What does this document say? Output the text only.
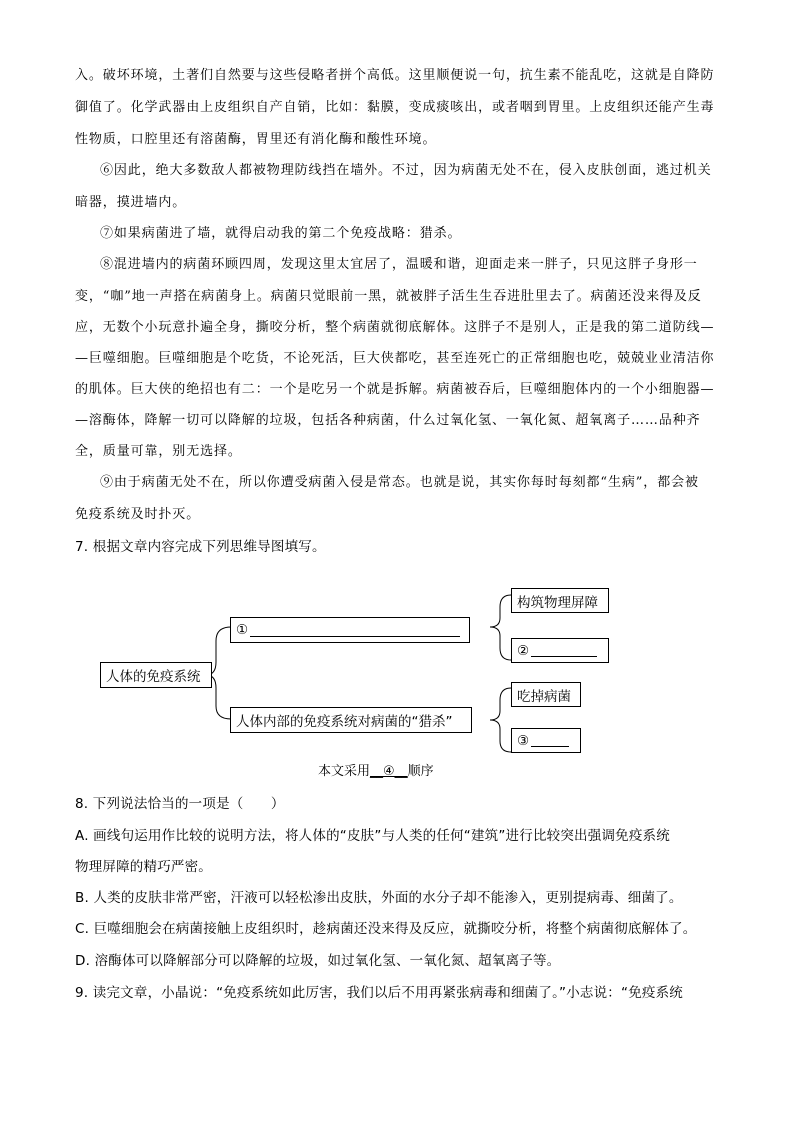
入。破坏环境，土著们自然要与这些侵略者拼个高低。这里顺便说一句，抗生素不能乱吃，这就是自降防
御值了。化学武器由上皮组织自产自销，比如：黏膜，变成痰咳出，或者咽到胃里。上皮组织还能产生毒
性物质，口腔里还有溶菌酶，胃里还有消化酶和酸性环境。
⑥因此，绝大多数敌人都被物理防线挡在墙外。不过，因为病菌无处不在，侵入皮肤创面，逃过机关
暗器，摸进墙内。
⑦如果病菌进了墙，就得启动我的第二个免疫战略：猎杀。
⑧混进墙内的病菌环顾四周，发现这里太宜居了，温暖和谐，迎面走来一胖子，只见这胖子身形一
变，“咖”地一声搭在病菌身上。病菌只觉眼前一黑，就被胖子活生生吞进肚里去了。病菌还没来得及反
应，无数个小玩意扑遍全身，撕咬分析，整个病菌就彻底解体。这胖子不是别人，正是我的第二道防线—
—巨噬细胞。巨噬细胞是个吃货，不论死活，巨大侠都吃，甚至连死亡的正常细胞也吃，兢兢业业清洁你
的肌体。巨大侠的绝招也有二：一个是吃另一个就是拆解。病菌被吞后，巨噬细胞体内的一个小细胞器—
—溶酶体，降解一切可以降解的垃圾，包括各种病菌，什么过氧化氢、一氧化氮、超氧离子……品种齐
全，质量可靠，别无选择。
⑨由于病菌无处不在，所以你遭受病菌入侵是常态。也就是说，其实你每时每刻都“生病”，都会被
免疫系统及时扑灭。
7. 根据文章内容完成下列思维导图填写。
人体的免疫系统
①
人体内部的免疫系统对病菌的“猎杀”
构筑物理屏障
②
吃掉病菌
③
本文采用__④__顺序
8. 下列说法恰当的一项是（　　）
A. 画线句运用作比较的说明方法，将人体的“皮肤”与人类的任何“建筑”进行比较突出强调免疫系统
物理屏障的精巧严密。
B. 人类的皮肤非常严密，汗液可以轻松渗出皮肤，外面的水分子却不能渗入，更别提病毒、细菌了。
C. 巨噬细胞会在病菌接触上皮组织时，趁病菌还没来得及反应，就撕咬分析，将整个病菌彻底解体了。
D. 溶酶体可以降解部分可以降解的垃圾，如过氧化氢、一氧化氮、超氧离子等。
9. 读完文章，小晶说：“免疫系统如此厉害，我们以后不用再紧张病毒和细菌了。”小志说：“免疫系统
